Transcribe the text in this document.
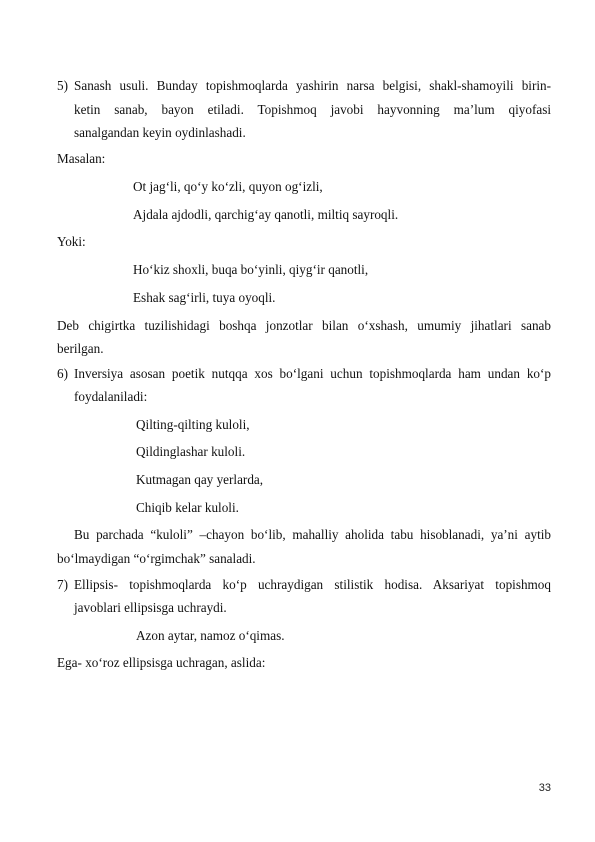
5) Sanash usuli. Bunday topishmoqlarda yashirin narsa belgisi, shakl-shamoyili birin-
ketin sanab, bayon etiladi. Topishmoq javobi hayvonning ma’lum qiyofasi
sanalgandan keyin oydinlashadi.
Masalan:
Ot jag‘li, qo‘y ko‘zli, quyon og‘izli,
Ajdala ajdodli, qarchig‘ay qanotli, miltiq sayroqli.
Yoki:
Ho‘kiz shoxli, buqa bo‘yinli, qiyg‘ir qanotli,
Eshak sag‘irli, tuya oyoqli.
Deb chigirtka tuzilishidagi boshqa jonzotlar bilan o‘xshash, umumiy jihatlari sanab
berilgan.
6) Inversiya asosan poetik nutqqa xos bo‘lgani uchun topishmoqlarda ham undan ko‘p
foydalaniladi:
Qilting-qilting kuloli,
Qildinglashar kuloli.
Kutmagan qay yerlarda,
Chiqib kelar kuloli.
Bu parchada “kuloli” –chayon bo‘lib, mahalliy aholida tabu hisoblanadi, ya’ni aytib
bo‘lmaydigan “o‘rgimchak” sanaladi.
7) Ellipsis- topishmoqlarda ko‘p uchraydigan stilistik hodisa. Aksariyat topishmoq
javoblari ellipsisga uchraydi.
Azon aytar, namoz o‘qimas.
Ega- xo‘roz ellipsisga uchragan, aslida:
33
